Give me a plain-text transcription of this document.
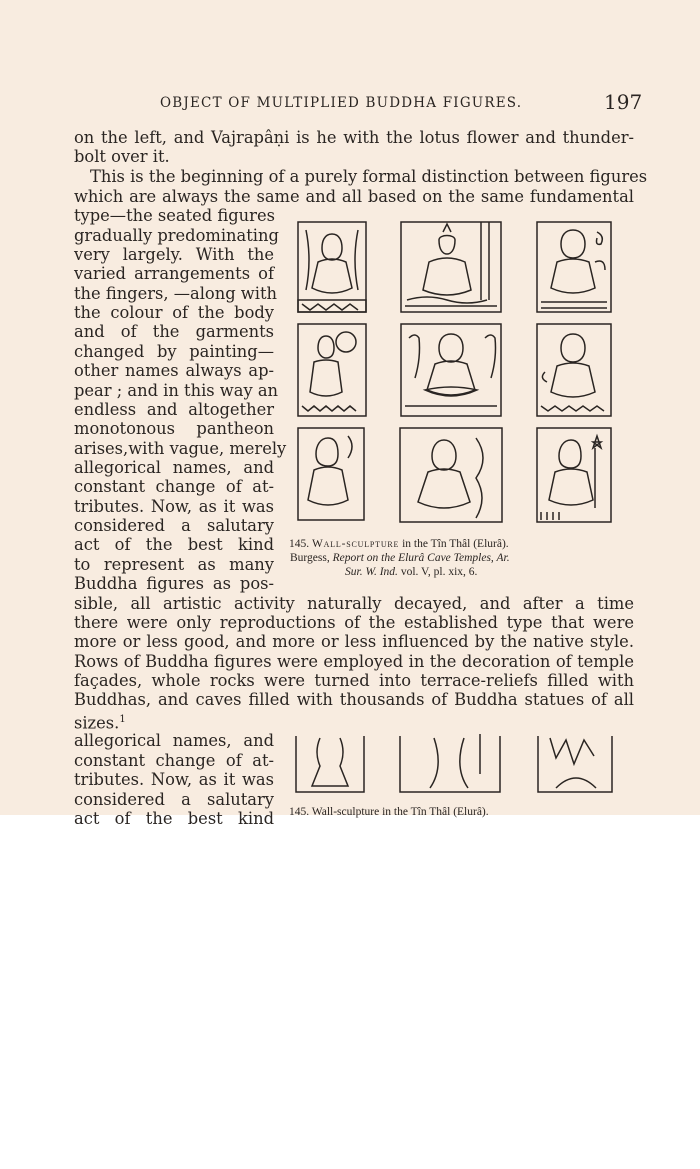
OBJECT OF MULTIPLIED BUDDHA FIGURES.	197
on the left, and Vajrapâṇi is he with the lotus flower and thunder-
bolt over it.
This is the beginning of a purely formal distinction between figures
which are always the same and all based on the same fundamental
type—the seated figures
gradually predominating
very largely. With the
varied arrangements of
the fingers, —along with
the colour of the body
and of the garments
changed by painting—
other names always ap-
pear ; and in this way an
endless and altogether
monotonous pantheon
arises,with vague, merely
allegorical names, and
constant change of at-
tributes. Now, as it was
considered a salutary
act of the best kind
to represent as many
Buddha figures as pos-
sible, all artistic activity naturally decayed, and after a time
there were only reproductions of the established type that were
more or less good, and more or less influenced by the native style.
Rows of Buddha figures were employed in the decoration of temple
façades, whole rocks were turned into terrace-reliefs filled with
Buddhas, and caves filled with thousands of Buddha statues of all
sizes.$^1$
allegorical names, and
constant change of at-
tributes. Now, as it was
considered a salutary
act of the best kind
145. Wall-sculpture in the Tîn Thâl (Elurâ).
Burgess, Report on the Elurâ Cave Temples, Ar.
Sur. W. Ind. vol. V, pl. xix, 6.
145. Wall-sculpture in the Tîn Thâl (Elurâ).
